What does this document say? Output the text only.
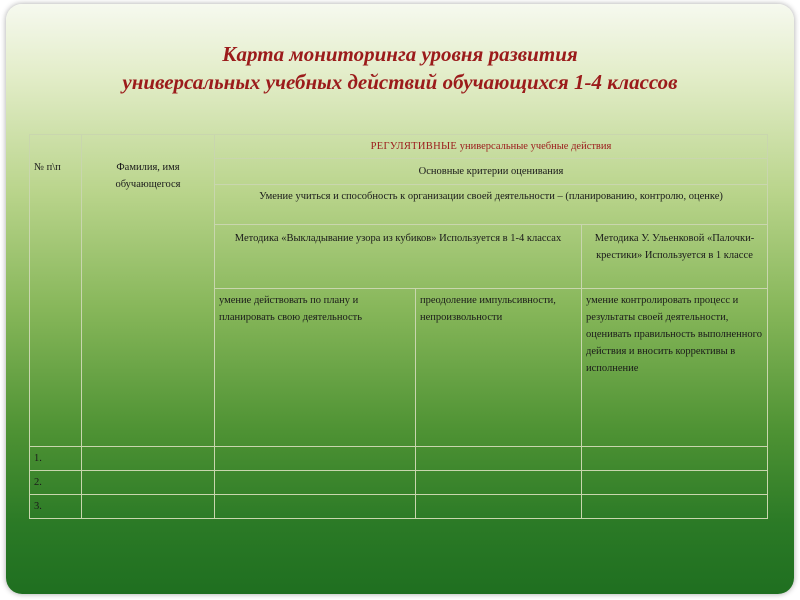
Карта мониторинга уровня развития
универсальных учебных действий обучающихся 1-4 классов
№ п\п	Фамилия, имя обучающегося	РЕГУЛЯТИВНЫЕ универсальные учебные действия		
		Основные критерии оценивания		
		Умение учиться и способность к организации своей деятельности – (планированию, контролю, оценке)		
		Методика «Выкладывание узора из кубиков» Используется в 1-4 классах		Методика У. Ульенковой «Палочки-крестики» Используется в 1 классе
		умение действовать по плану и планировать свою деятельность	преодоление импульсивности, непроизвольности	умение контролировать процесс и результаты своей деятельности, оценивать правильность выполненного действия и вносить коррективы в исполнение
1.				
2.				
3.				
